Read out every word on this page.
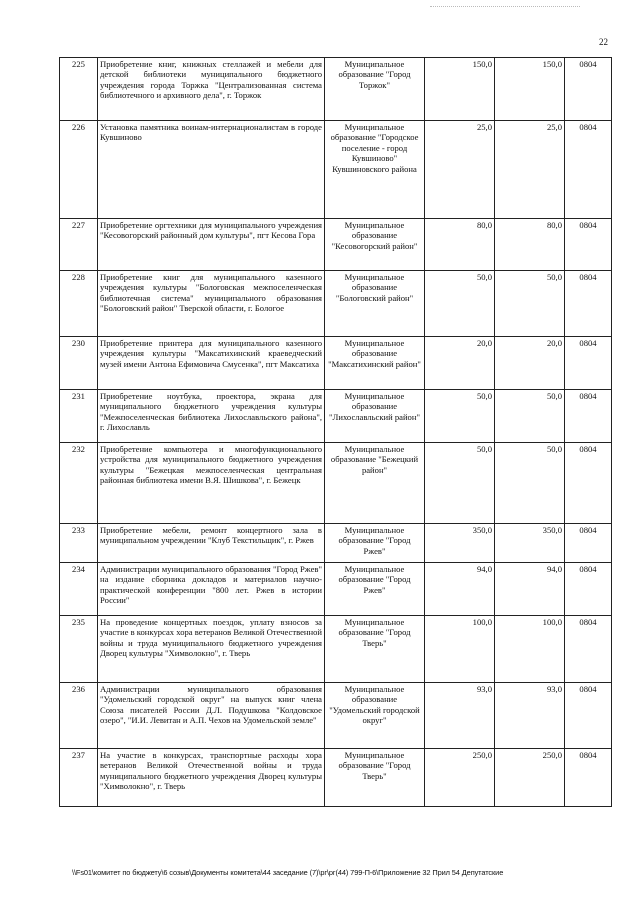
22
225	Приобретение книг, книжных стеллажей и мебели для детской библиотеки муниципального бюджетного учреждения города Торжка "Централизованная система библиотечного и архивного дела", г. Торжок	Муниципальное образование "Город Торжок"	150,0	150,0	0804
226	Установка памятника воинам-интернационалистам в городе Кувшиново	Муниципальное образование "Городское поселение - город Кувшиново" Кувшиновского района	25,0	25,0	0804
227	Приобретение оргтехники для муниципального учреждения "Кесовогорский районный дом культуры", пгт Кесова Гора	Муниципальное образование "Кесовогорский район"	80,0	80,0	0804
228	Приобретение книг для муниципального казенного учреждения культуры "Бологовская межпоселенческая библиотечная система" муниципального образования "Бологовский район" Тверской области, г. Бологое	Муниципальное образование "Бологовский район"	50,0	50,0	0804
230	Приобретение принтера для муниципального казенного учреждения культуры "Максатихинский краеведческий музей имени Антона Ефимовича Смусенка", пгт Максатиха	Муниципальное образование "Максатихинский район"	20,0	20,0	0804
231	Приобретение ноутбука, проектора, экрана для муниципального бюджетного учреждения культуры "Межпоселенческая библиотека Лихославльского района", г. Лихославль	Муниципальное образование "Лихославльский район"	50,0	50,0	0804
232	Приобретение компьютера и многофункционального устройства для муниципального бюджетного учреждения культуры "Бежецкая межпоселенческая центральная районная библиотека имени В.Я. Шишкова", г. Бежецк	Муниципальное образование "Бежецкий район"	50,0	50,0	0804
233	Приобретение мебели, ремонт концертного зала в муниципальном учреждении "Клуб Текстильщик", г. Ржев	Муниципальное образование "Город Ржев"	350,0	350,0	0804
234	Администрации муниципального образования "Город Ржев" на издание сборника докладов и материалов научно-практической конференции "800 лет. Ржев в истории России"	Муниципальное образование "Город Ржев"	94,0	94,0	0804
235	На проведение концертных поездок, уплату взносов за участие в конкурсах хора ветеранов Великой Отечественной войны и труда муниципального бюджетного учреждения Дворец культуры "Химволокно", г. Тверь	Муниципальное образование "Город Тверь"	100,0	100,0	0804
236	Администрации муниципального образования "Удомельский городской округ" на выпуск книг члена Союза писателей России Д.Л. Подушкова "Колдовское озеро", "И.И. Левитан и А.П. Чехов на Удомельской земле"	Муниципальное образование "Удомельский городской округ"	93,0	93,0	0804
237	На участие в конкурсах, транспортные расходы хора ветеранов Великой Отечественной войны и труда муниципального бюджетного учреждения Дворец культуры "Химволокно", г. Тверь	Муниципальное образование "Город Тверь"	250,0	250,0	0804
\\Fs01\комитет по бюджету\6 созыв\Документы комитета\44 заседание (7)\рг\рг(44) 799-П-6\Приложение 32 Прил 54 Депутатские
